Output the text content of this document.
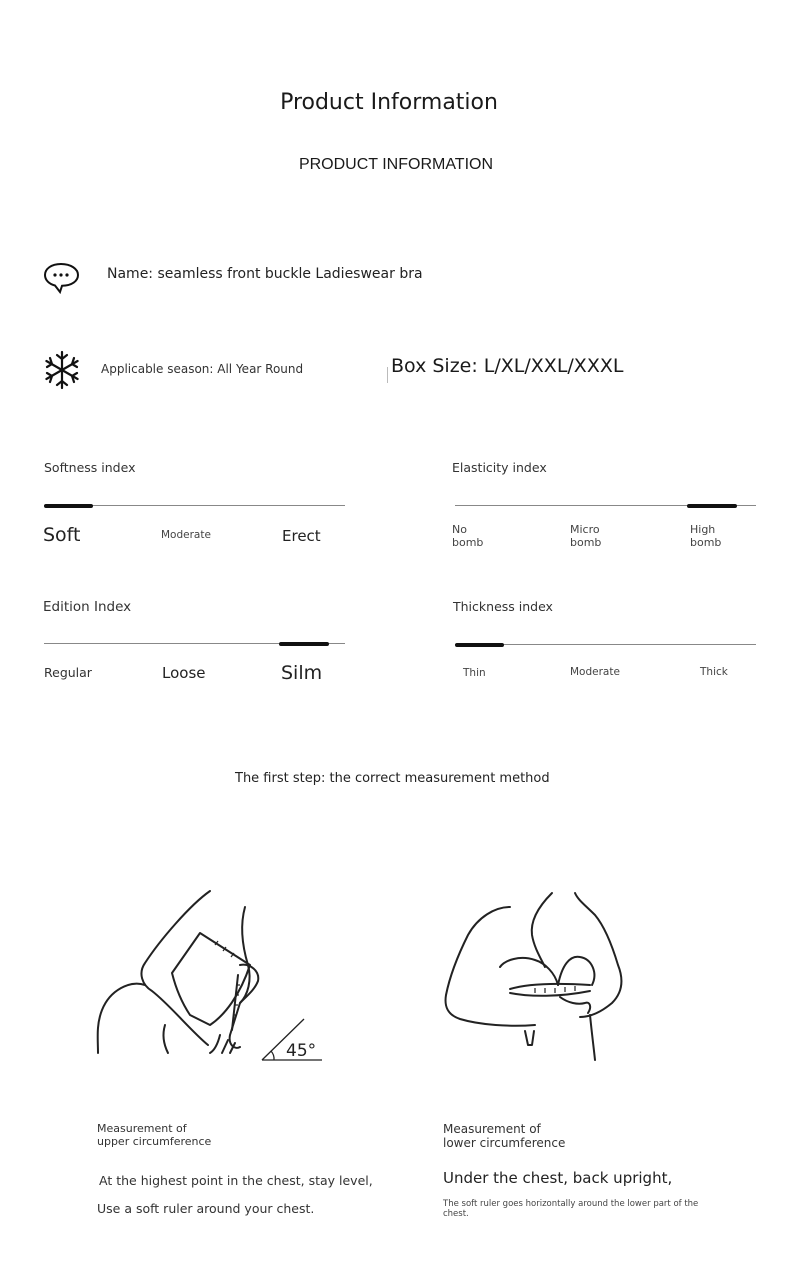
Product Information
PRODUCT INFORMATION
Name: seamless front buckle Ladieswear bra
Applicable season: All Year Round	Box Size: L/XL/XXL/XXXL
Softness index
Soft	Moderate	Erect
Elasticity index
No
bomb
Micro
bomb
High
bomb
Edition Index
Regular	Loose	Silm
Thickness index
Thin	Moderate	Thick
The first step: the correct measurement method
45°
Measurement of
upper circumference
At the highest point in the chest, stay level,
Use a soft ruler around your chest.
Measurement of
lower circumference
Under the chest, back upright,
The soft ruler goes horizontally around the lower part of the
chest.
